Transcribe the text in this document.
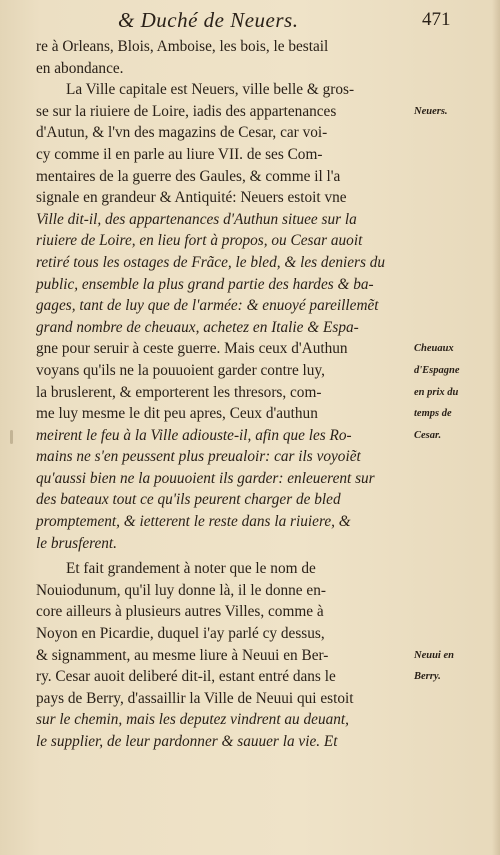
& Duché de Neuers.	471
re à Orleans, Blois, Amboise, les bois, le bestail
en abondance.
La Ville capitale est Neuers, ville belle & gros-
se sur la riuiere de Loire, iadis des appartenances
d'Autun, & l'vn des magazins de Cesar, car voi-
cy comme il en parle au liure VII. de ses Com-
mentaires de la guerre des Gaules, & comme il l'a
signale en grandeur & Antiquité: Neuers estoit vne
Ville dit-il, des appartenances d'Authun situee sur la
riuiere de Loire, en lieu fort à propos, ou Cesar auoit
retiré tous les ostages de Frãce, le bled, & les deniers du
public, ensemble la plus grand partie des hardes & ba-
gages, tant de luy que de l'armée: & enuoyé pareillemẽt
grand nombre de cheuaux, achetez en Italie & Espa-
gne pour seruir à ceste guerre. Mais ceux d'Authun
voyans qu'ils ne la pouuoient garder contre luy,
la bruslerent, & emporterent les thresors, com-
me luy mesme le dit peu apres, Ceux d'authun
meirent le feu à la Ville adiouste-il, afin que les Ro-
mains ne s'en peussent plus preualoir: car ils voyoiẽt
qu'aussi bien ne la pouuoient ils garder: enleuerent sur
des bateaux tout ce qu'ils peurent charger de bled
promptement, & ietterent le reste dans la riuiere, &
le brusferent.
Et fait grandement à noter que le nom de
Nouiodunum, qu'il luy donne là, il le donne en-
core ailleurs à plusieurs autres Villes, comme à
Noyon en Picardie, duquel i'ay parlé cy dessus,
& signamment, au mesme liure à Neuui en Ber-
ry. Cesar auoit deliberé dit-il, estant entré dans le
pays de Berry, d'assaillir la Ville de Neuui qui estoit
sur le chemin, mais les deputez vindrent au deuant,
le supplier, de leur pardonner & sauuer la vie. Et
Neuers.
Cheuaux
d'Espagne
en prix du
temps de
Cesar.
Neuui en
Berry.
